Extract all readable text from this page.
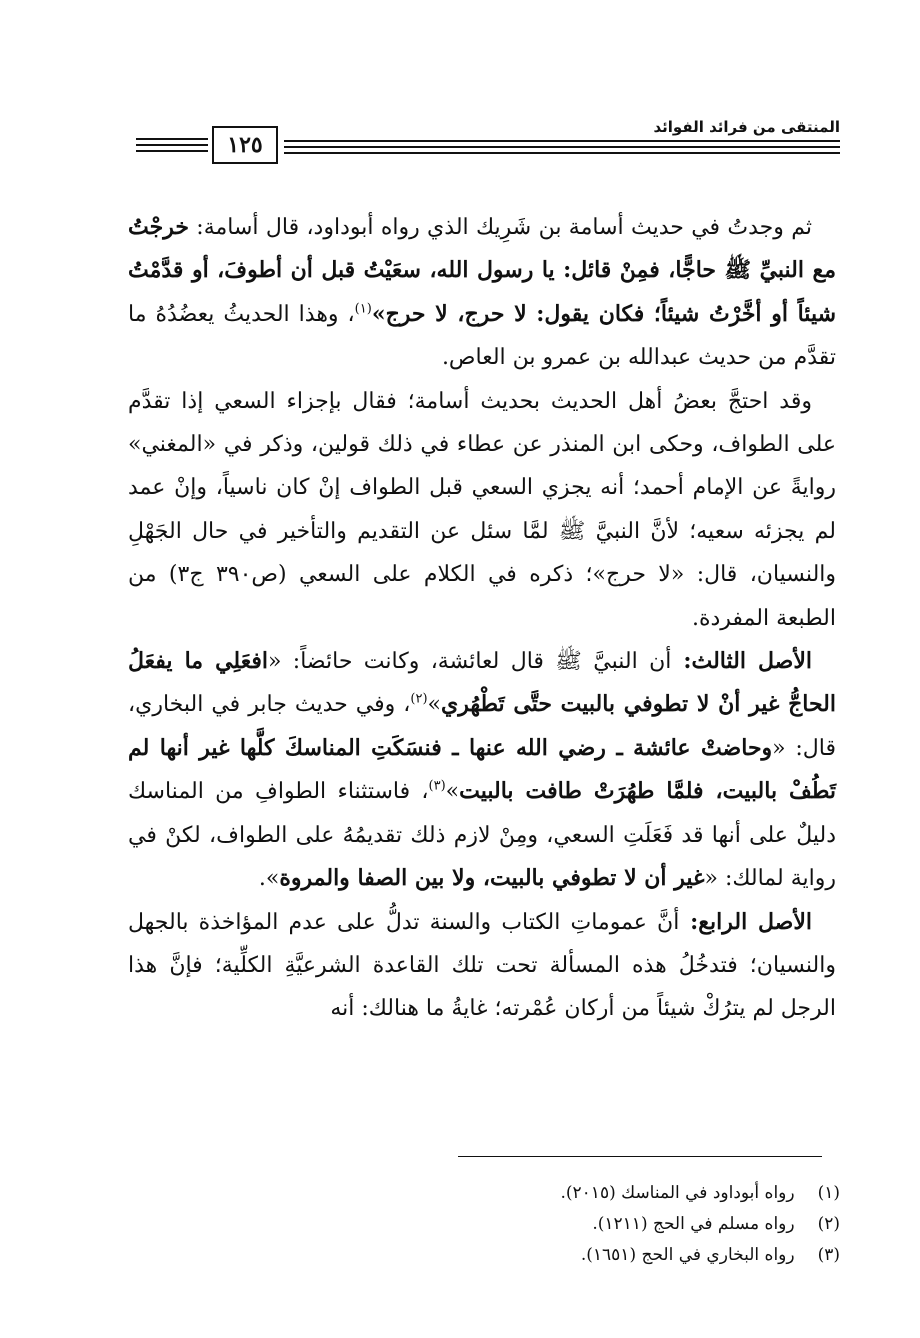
المنتقى من فرائد الفوائد
١٢٥

ثم وجدتُ في حديث أسامة بن شَرِيك الذي رواه أبوداود، قال أسامة: خرجْتُ مع النبيِّ ﷺ حاجًّا، فمِنْ قائل: يا رسول الله، سعَيْتُ قبل أن أطوفَ، أو قدَّمْتُ شيئاً أو أخَّرْتُ شيئاً؛ فكان يقول: لا حرج، لا حرج»$^{(١)}$، وهذا الحديثُ يعضُدُهُ ما تقدَّم من حديث عبدالله بن عمرو بن العاص.

وقد احتجَّ بعضُ أهل الحديث بحديث أسامة؛ فقال بإجزاء السعي إذا تقدَّم على الطواف، وحكى ابن المنذر عن عطاء في ذلك قولين، وذكر في «المغني» روايةً عن الإمام أحمد؛ أنه يجزي السعي قبل الطواف إنْ كان ناسياً، وإنْ عمد لم يجزئه سعيه؛ لأنَّ النبيَّ ﷺ لمَّا سئل عن التقديم والتأخير في حال الجَهْلِ والنسيان، قال: «لا حرج»؛ ذكره في الكلام على السعي (ص٣٩٠ ج٣) من الطبعة المفردة.

الأصل الثالث: أن النبيَّ ﷺ قال لعائشة، وكانت حائضاً: «افعَلِي ما يفعَلُ الحاجُّ غير أنْ لا تطوفي بالبيت حتَّى تَطْهُري»$^{(٢)}$، وفي حديث جابر في البخاري، قال: «وحاضتْ عائشة ـ رضي الله عنها ـ فنسَكَتِ المناسكَ كلَّها غير أنها لم تَطُفْ بالبيت، فلمَّا طهُرَتْ طافت بالبيت»$^{(٣)}$، فاستثناء الطوافِ من المناسك دليلٌ على أنها قد فَعَلَتِ السعي، ومِنْ لازم ذلك تقديمُهُ على الطواف، لكنْ في رواية لمالك: «غير أن لا تطوفي بالبيت، ولا بين الصفا والمروة».

الأصل الرابع: أنَّ عموماتِ الكتاب والسنة تدلُّ على عدم المؤاخذة بالجهل والنسيان؛ فتدخُلُ هذه المسألة تحت تلك القاعدة الشرعيَّةِ الكلِّية؛ فإنَّ هذا الرجل لم يترُكْ شيئاً من أركان عُمْرته؛ غايةُ ما هنالك: أنه

(١) رواه أبوداود في المناسك (٢٠١٥).

(٢) رواه مسلم في الحج (١٢١١).

(٣) رواه البخاري في الحج (١٦٥١).
